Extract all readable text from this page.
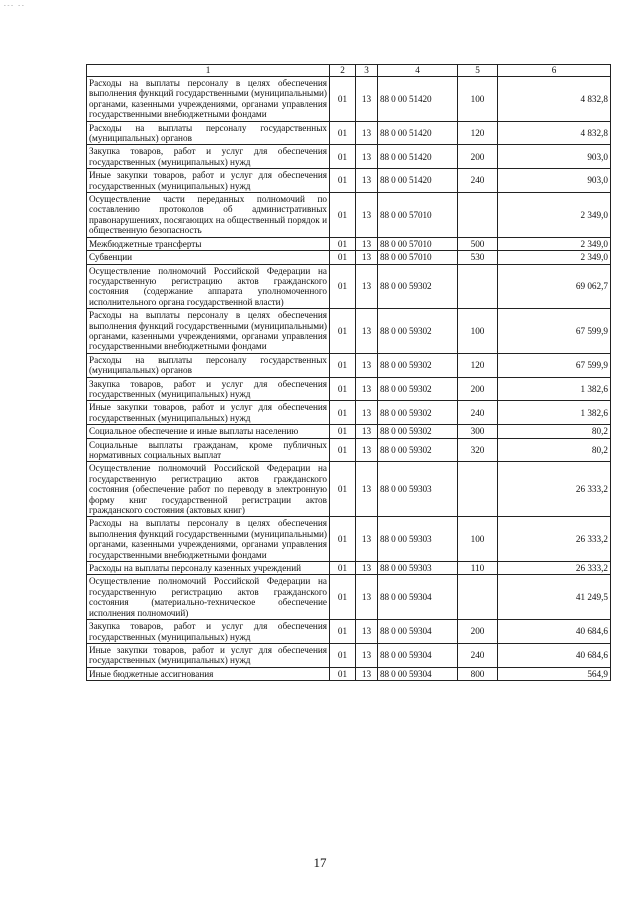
--- --
1	2	3	4	5	6
Расходы на выплаты персоналу в целях обеспечения выполнения функций государственными (муниципальными) органами, казенными учреждениями, органами управления государственными внебюджетными фондами	01	13	88 0 00 51420	100	4 832,8
Расходы на выплаты персоналу государственных (муниципальных) органов	01	13	88 0 00 51420	120	4 832,8
Закупка товаров, работ и услуг для обеспечения государственных (муниципальных) нужд	01	13	88 0 00 51420	200	903,0
Иные закупки товаров, работ и услуг для обеспечения государственных (муниципальных) нужд	01	13	88 0 00 51420	240	903,0
Осуществление части переданных полномочий по составлению протоколов об административных правонарушениях, посягающих на общественный порядок и общественную безопасность	01	13	88 0 00 57010		2 349,0
Межбюджетные трансферты	01	13	88 0 00 57010	500	2 349,0
Субвенции	01	13	88 0 00 57010	530	2 349,0
Осуществление полномочий Российской Федерации на государственную регистрацию актов гражданского состояния (содержание аппарата уполномоченного исполнительного органа государственной власти)	01	13	88 0 00 59302		69 062,7
Расходы на выплаты персоналу в целях обеспечения выполнения функций государственными (муниципальными) органами, казенными учреждениями, органами управления государственными внебюджетными фондами	01	13	88 0 00 59302	100	67 599,9
Расходы на выплаты персоналу государственных (муниципальных) органов	01	13	88 0 00 59302	120	67 599,9
Закупка товаров, работ и услуг для обеспечения государственных (муниципальных) нужд	01	13	88 0 00 59302	200	1 382,6
Иные закупки товаров, работ и услуг для обеспечения государственных (муниципальных) нужд	01	13	88 0 00 59302	240	1 382,6
Социальное обеспечение и иные выплаты населению	01	13	88 0 00 59302	300	80,2
Социальные выплаты гражданам, кроме публичных нормативных социальных выплат	01	13	88 0 00 59302	320	80,2
Осуществление полномочий Российской Федерации на государственную регистрацию актов гражданского состояния (обеспечение работ по переводу в электронную форму книг государственной регистрации актов гражданского состояния (актовых книг)	01	13	88 0 00 59303		26 333,2
Расходы на выплаты персоналу в целях обеспечения выполнения функций государственными (муниципальными) органами, казенными учреждениями, органами управления государственными внебюджетными фондами	01	13	88 0 00 59303	100	26 333,2
Расходы на выплаты персоналу казенных учреждений	01	13	88 0 00 59303	110	26 333,2
Осуществление полномочий Российской Федерации на государственную регистрацию актов гражданского состояния (материально-техническое обеспечение исполнения полномочий)	01	13	88 0 00 59304		41 249,5
Закупка товаров, работ и услуг для обеспечения государственных (муниципальных) нужд	01	13	88 0 00 59304	200	40 684,6
Иные закупки товаров, работ и услуг для обеспечения государственных (муниципальных) нужд	01	13	88 0 00 59304	240	40 684,6
Иные бюджетные ассигнования	01	13	88 0 00 59304	800	564,9
17
